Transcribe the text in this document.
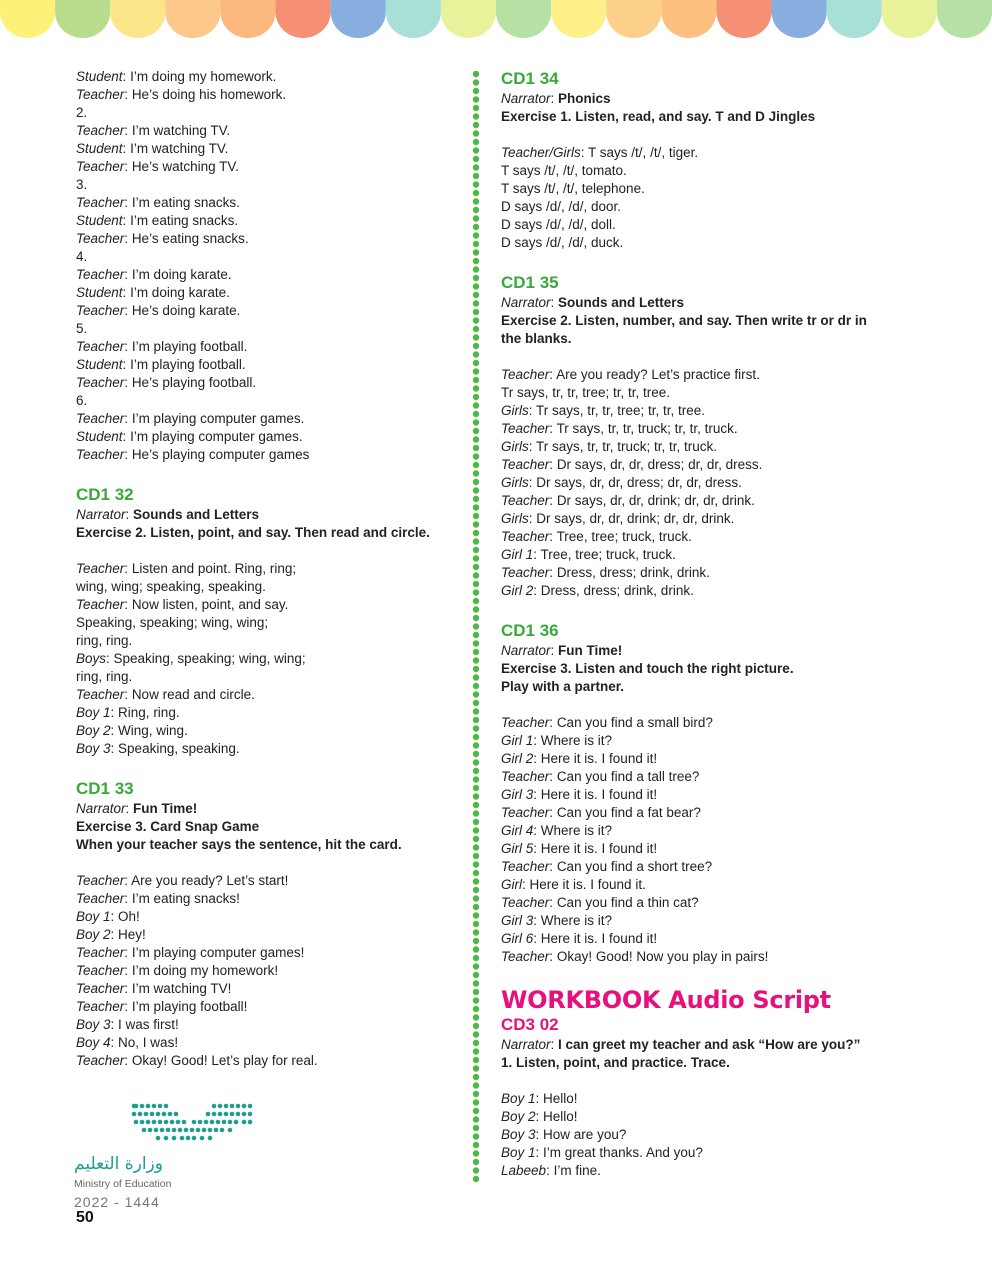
Student: I’m doing my homework.
Teacher: He’s doing his homework.
2.
Teacher: I’m watching TV.
Student: I’m watching TV.
Teacher: He’s watching TV.
3.
Teacher: I’m eating snacks.
Student: I’m eating snacks.
Teacher: He’s eating snacks.
4.
Teacher: I’m doing karate.
Student: I’m doing karate.
Teacher: He’s doing karate.
5.
Teacher: I’m playing football.
Student: I’m playing football.
Teacher: He’s playing football.
6.
Teacher: I’m playing computer games.
Student: I’m playing computer games.
Teacher: He’s playing computer games
CD1 32
Narrator: Sounds and Letters
Exercise 2. Listen, point, and say. Then read and circle.
Teacher: Listen and point. Ring, ring;
wing, wing; speaking, speaking.
Teacher: Now listen, point, and say.
Speaking, speaking; wing, wing;
ring, ring.
Boys: Speaking, speaking; wing, wing;
ring, ring.
Teacher: Now read and circle.
Boy 1: Ring, ring.
Boy 2: Wing, wing.
Boy 3: Speaking, speaking.
CD1 33
Narrator: Fun Time!
Exercise 3. Card Snap Game
When your teacher says the sentence, hit the card.
Teacher: Are you ready? Let’s start!
Teacher: I’m eating snacks!
Boy 1: Oh!
Boy 2: Hey!
Teacher: I’m playing computer games!
Teacher: I’m doing my homework!
Teacher: I’m watching TV!
Teacher: I’m playing football!
Boy 3: I was first!
Boy 4: No, I was!
Teacher: Okay! Good! Let’s play for real.
CD1 34
Narrator: Phonics
Exercise 1. Listen, read, and say. T and D Jingles
Teacher/Girls: T says /t/, /t/, tiger.
T says /t/, /t/, tomato.
T says /t/, /t/, telephone.
D says /d/, /d/, door.
D says /d/, /d/, doll.
D says /d/, /d/, duck.
CD1 35
Narrator: Sounds and Letters
Exercise 2. Listen, number, and say. Then write tr or dr in
the blanks.
Teacher: Are you ready? Let’s practice first.
Tr says, tr, tr, tree; tr, tr, tree.
Girls: Tr says, tr, tr, tree; tr, tr, tree.
Teacher: Tr says, tr, tr, truck; tr, tr, truck.
Girls: Tr says, tr, tr, truck; tr, tr, truck.
Teacher: Dr says, dr, dr, dress; dr, dr, dress.
Girls: Dr says, dr, dr, dress; dr, dr, dress.
Teacher: Dr says, dr, dr, drink; dr, dr, drink.
Girls: Dr says, dr, dr, drink; dr, dr, drink.
Teacher: Tree, tree; truck, truck.
Girl 1: Tree, tree; truck, truck.
Teacher: Dress, dress; drink, drink.
Girl 2: Dress, dress; drink, drink.
CD1 36
Narrator: Fun Time!
Exercise 3. Listen and touch the right picture.
Play with a partner.
Teacher: Can you find a small bird?
Girl 1: Where is it?
Girl 2: Here it is. I found it!
Teacher: Can you find a tall tree?
Girl 3: Here it is. I found it!
Teacher: Can you find a fat bear?
Girl 4: Where is it?
Girl 5: Here it is. I found it!
Teacher: Can you find a short tree?
Girl: Here it is. I found it.
Teacher: Can you find a thin cat?
Girl 3: Where is it?
Girl 6: Here it is. I found it!
Teacher: Okay! Good! Now you play in pairs!
WORKBOOK Audio Script
CD3 02
Narrator: I can greet my teacher and ask “How are you?”
1. Listen, point, and practice. Trace.
Boy 1: Hello!
Boy 2: Hello!
Boy 3: How are you?
Boy 1: I’m great thanks. And you?
Labeeb: I’m fine.
وزارة التعليم
Ministry of Education
2022 - 1444
50
